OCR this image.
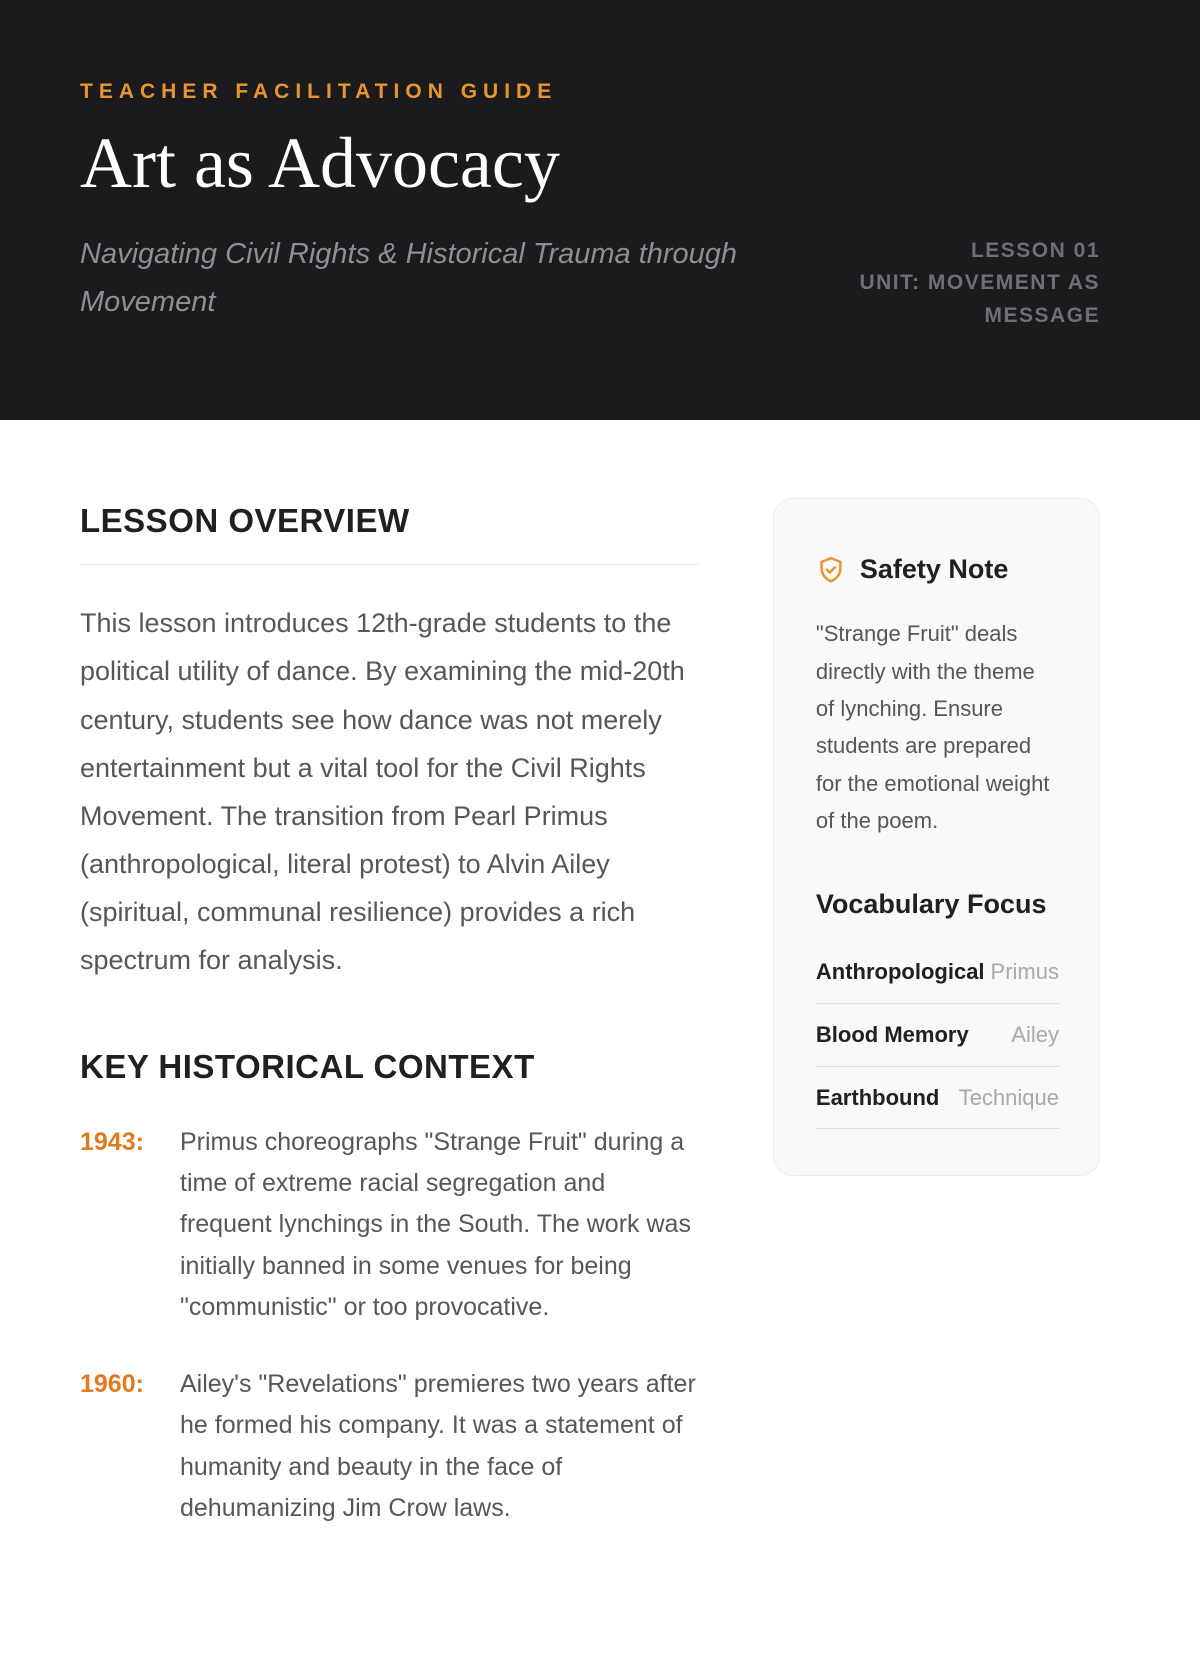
TEACHER FACILITATION GUIDE
Art as Advocacy
Navigating Civil Rights & Historical Trauma through Movement
LESSON 01
UNIT: MOVEMENT AS MESSAGE
LESSON OVERVIEW

This lesson introduces 12th-grade students to the political utility of dance. By examining the mid-20th century, students see how dance was not merely entertainment but a vital tool for the Civil Rights Movement. The transition from Pearl Primus (anthropological, literal protest) to Alvin Ailey (spiritual, communal resilience) provides a rich spectrum for analysis.

KEY HISTORICAL CONTEXT
1943:	Primus choreographs "Strange Fruit" during a time of extreme racial segregation and frequent lynchings in the South. The work was initially banned in some venues for being "communistic" or too provocative.
1960:	Ailey's "Revelations" premieres two years after he formed his company. It was a statement of humanity and beauty in the face of dehumanizing Jim Crow laws.
Safety Note

"Strange Fruit" deals directly with the theme of lynching. Ensure students are prepared for the emotional weight of the poem.

Vocabulary Focus
Anthropological Primus
Blood Memory Ailey
Earthbound Technique
